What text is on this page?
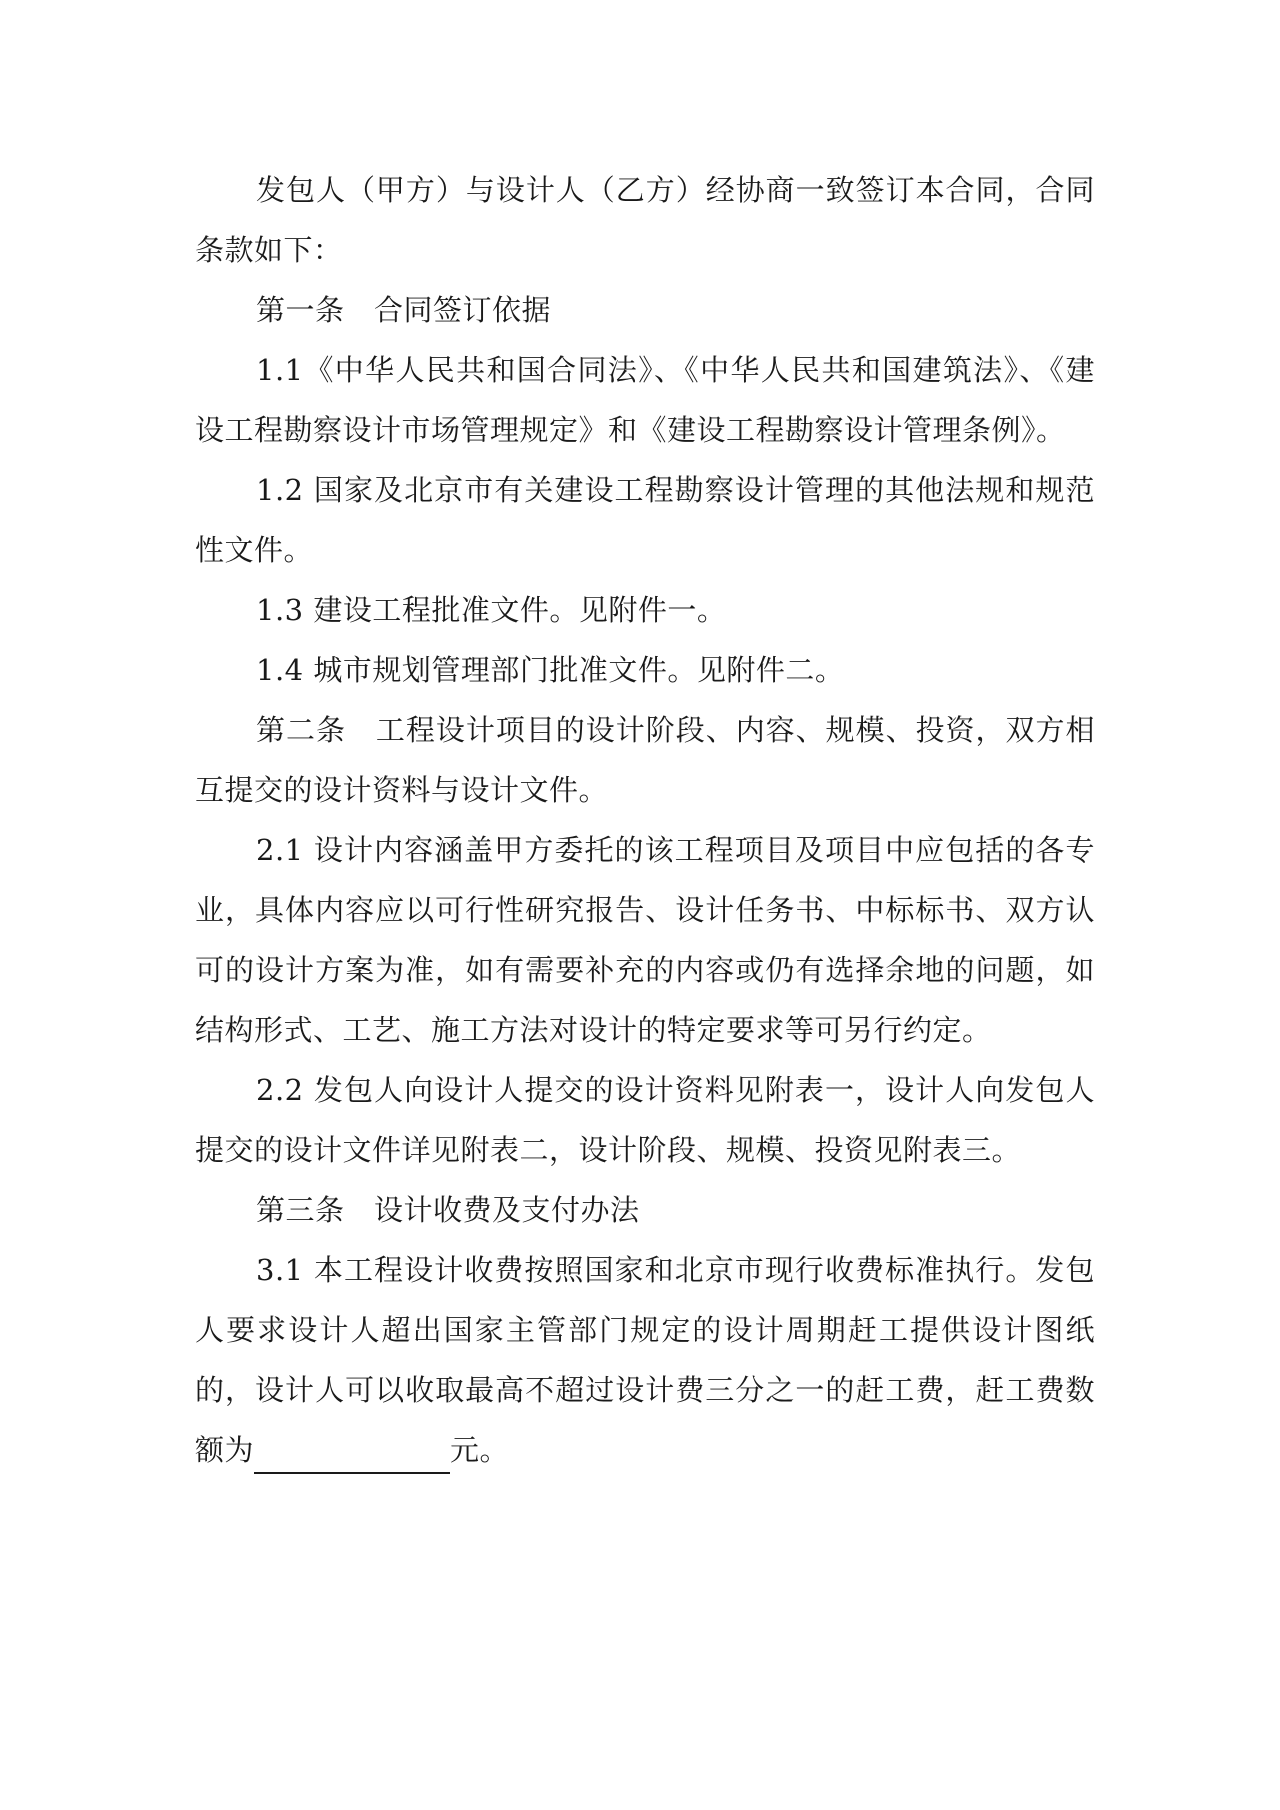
发包人（甲方）与设计人（乙方）经协商一致签订本合同，合同条款如下：

第一条　合同签订依据

1.1《中华人民共和国合同法》、《中华人民共和国建筑法》、《建设工程勘察设计市场管理规定》和《建设工程勘察设计管理条例》。

1.2 国家及北京市有关建设工程勘察设计管理的其他法规和规范性文件。

1.3 建设工程批准文件。见附件一。

1.4 城市规划管理部门批准文件。见附件二。

第二条　工程设计项目的设计阶段、内容、规模、投资，双方相互提交的设计资料与设计文件。

2.1 设计内容涵盖甲方委托的该工程项目及项目中应包括的各专业，具体内容应以可行性研究报告、设计任务书、中标标书、双方认可的设计方案为准，如有需要补充的内容或仍有选择余地的问题，如结构形式、工艺、施工方法对设计的特定要求等可另行约定。

2.2 发包人向设计人提交的设计资料见附表一，设计人向发包人提交的设计文件详见附表二，设计阶段、规模、投资见附表三。

第三条　设计收费及支付办法

3.1 本工程设计收费按照国家和北京市现行收费标准执行。发包人要求设计人超出国家主管部门规定的设计周期赶工提供设计图纸的，设计人可以收取最高不超过设计费三分之一的赶工费，赶工费数额为	元。
